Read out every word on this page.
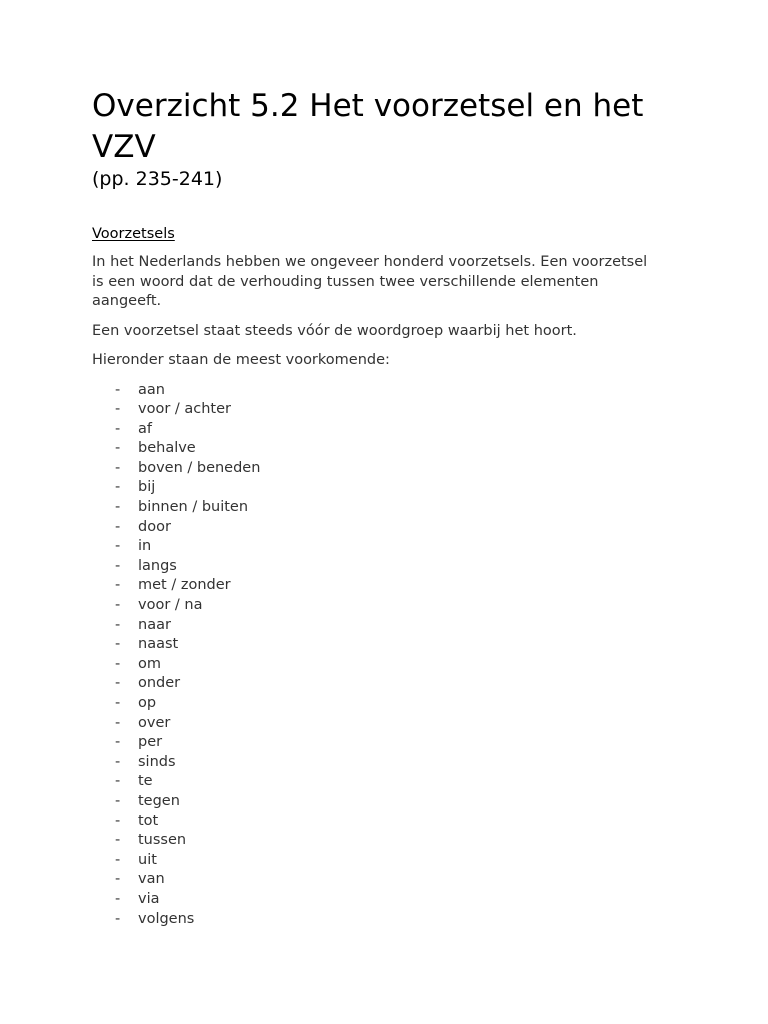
Overzicht 5.2 Het voorzetsel en het VZV
(pp. 235-241)
Voorzetsels

In het Nederlands hebben we ongeveer honderd voorzetsels. Een voorzetsel is een woord dat de verhouding tussen twee verschillende elementen aangeeft.

Een voorzetsel staat steeds vóór de woordgroep waarbij het hoort.

Hieronder staan de meest voorkomende:

-	aan
-	voor / achter
-	af
-	behalve
-	boven / beneden
-	bij
-	binnen / buiten
-	door
-	in
-	langs
-	met / zonder
-	voor / na
-	naar
-	naast
-	om
-	onder
-	op
-	over
-	per
-	sinds
-	te
-	tegen
-	tot
-	tussen
-	uit
-	van
-	via
-	volgens
